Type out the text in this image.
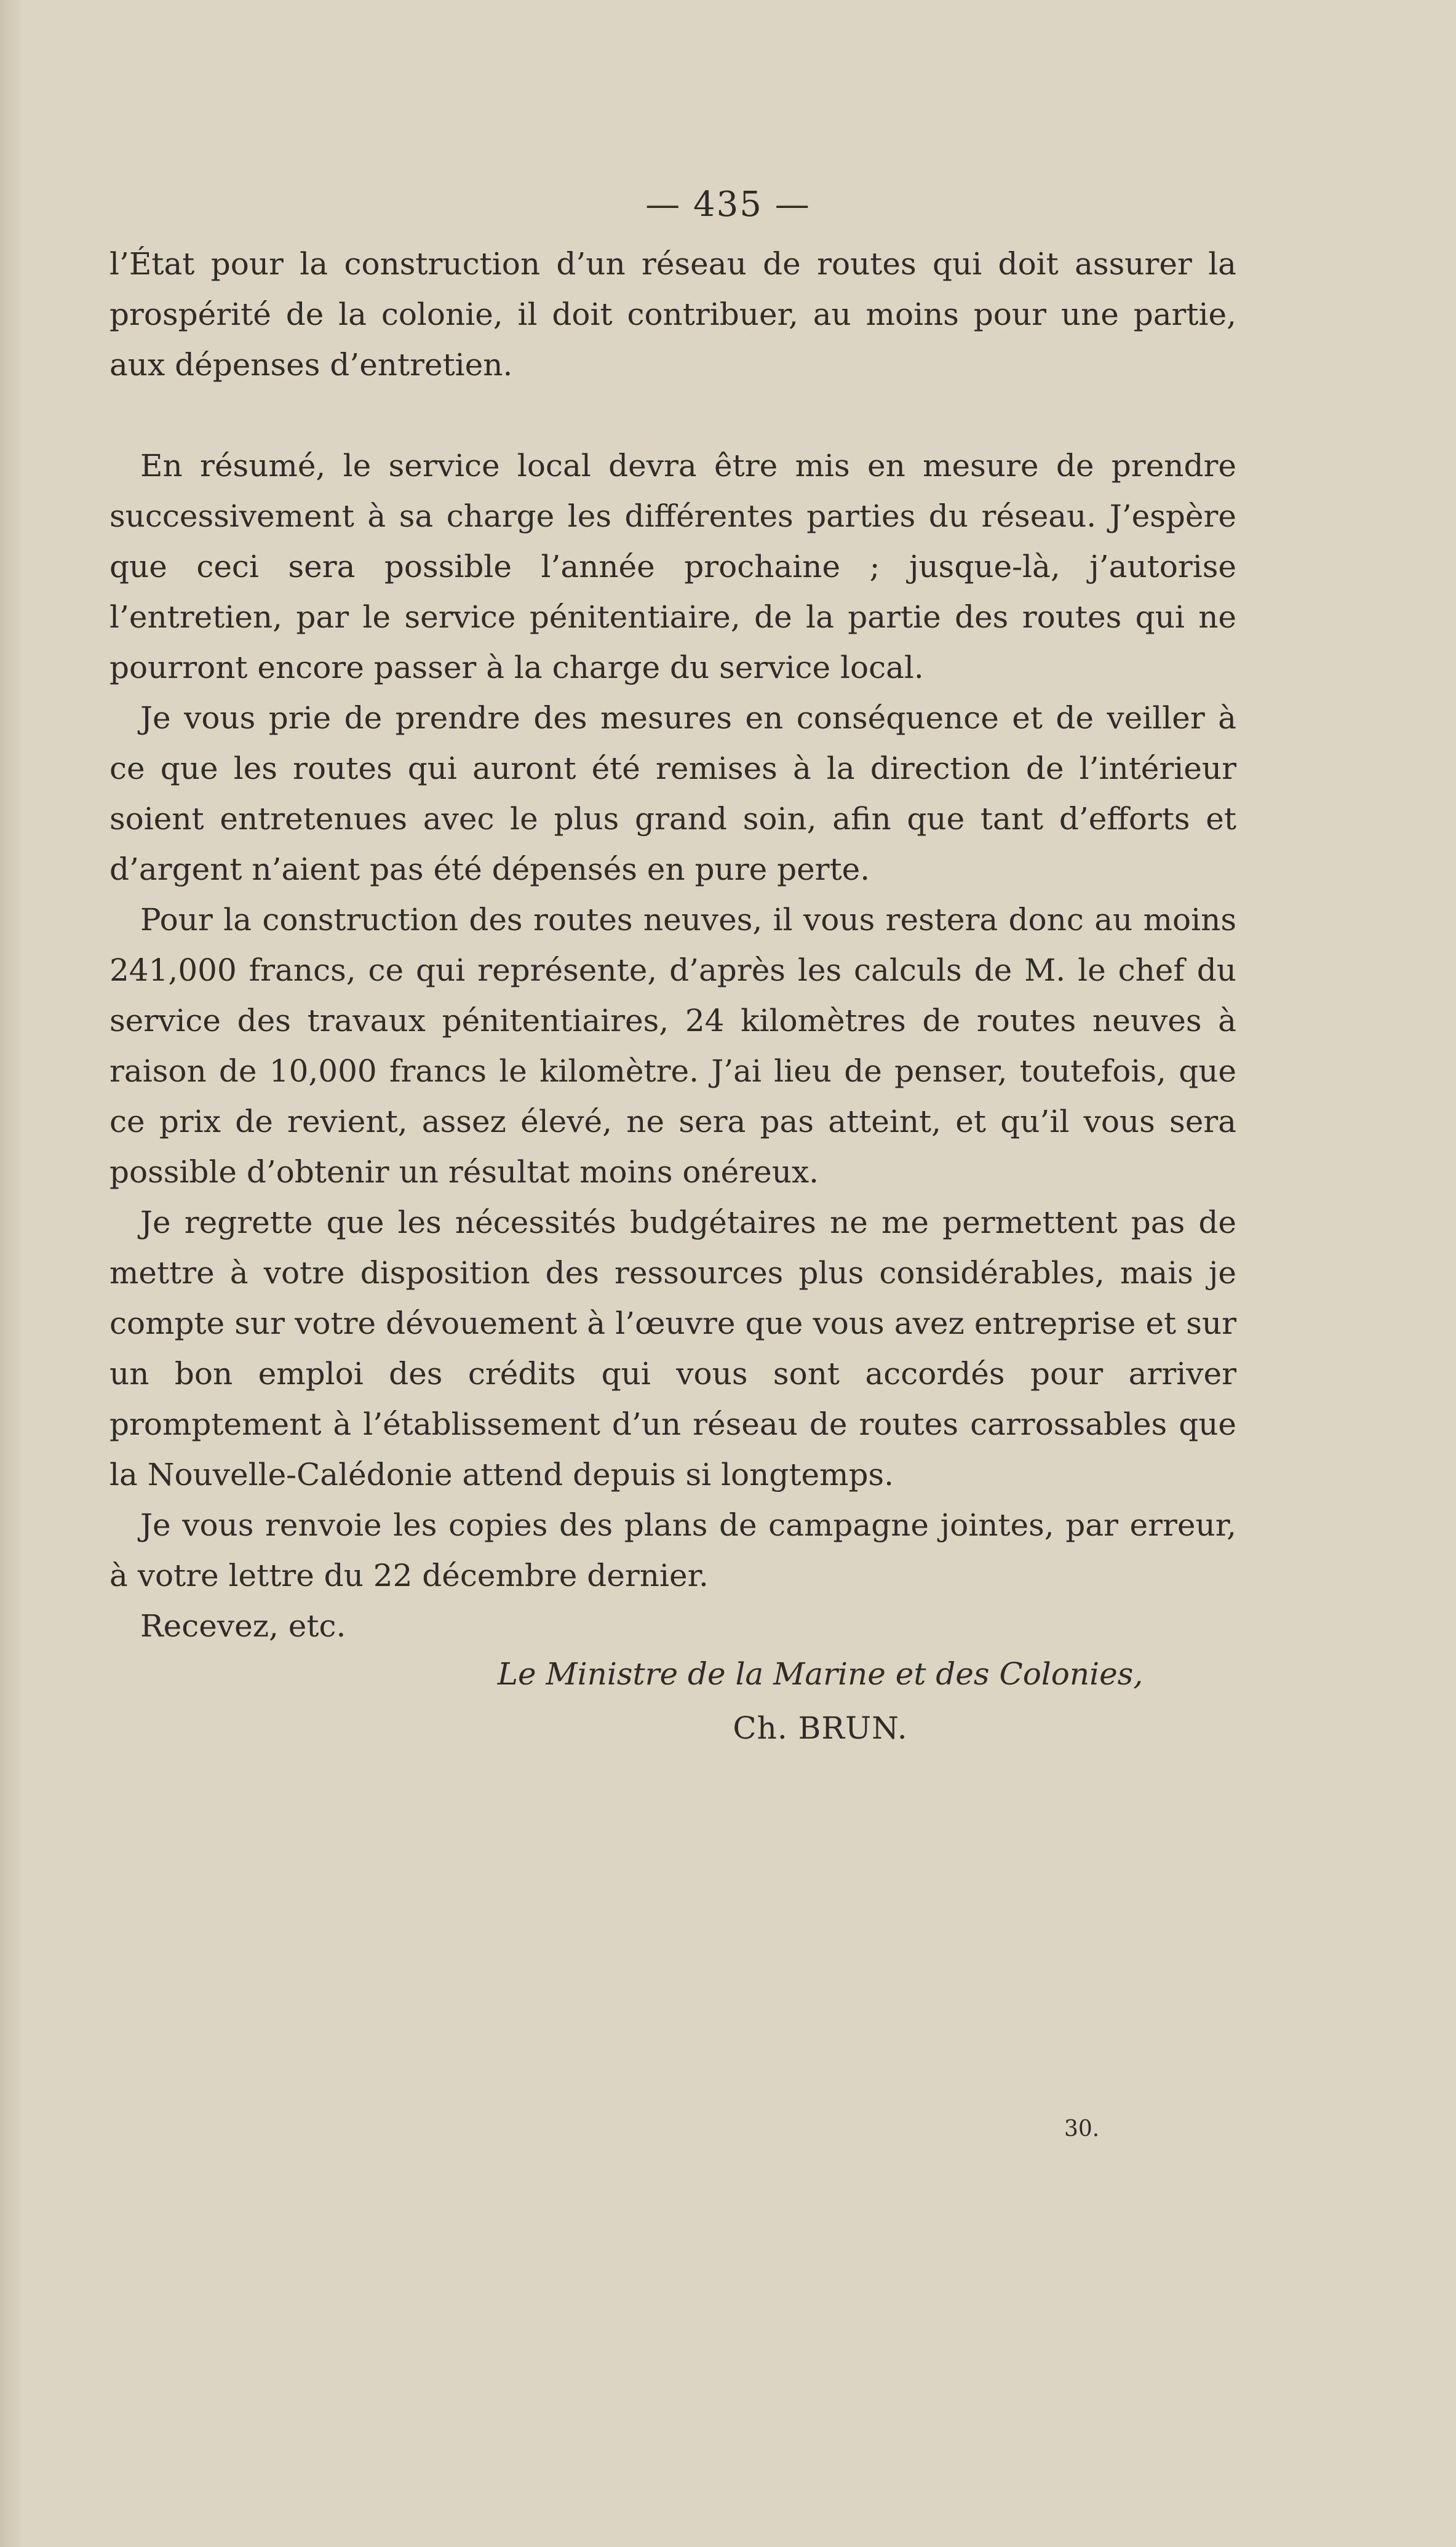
— 435 —

l’État pour la construction d’un réseau de routes qui doit assurer la prospérité de la colonie, il doit contribuer, au moins pour une partie, aux dépenses d’entretien.

En résumé, le service local devra être mis en mesure de prendre successivement à sa charge les différentes parties du réseau. J’espère que ceci sera possible l’année prochaine ; jusque-là, j’autorise l’entretien, par le service pénitentiaire, de la partie des routes qui ne pourront encore passer à la charge du service local.

Je vous prie de prendre des mesures en conséquence et de veiller à ce que les routes qui auront été remises à la direction de l’intérieur soient entretenues avec le plus grand soin, afin que tant d’efforts et d’argent n’aient pas été dépensés en pure perte.

Pour la construction des routes neuves, il vous restera donc au moins 241,000 francs, ce qui représente, d’après les calculs de M. le chef du service des travaux pénitentiaires, 24 kilomètres de routes neuves à raison de 10,000 francs le kilomètre. J’ai lieu de penser, toutefois, que ce prix de revient, assez élevé, ne sera pas atteint, et qu’il vous sera possible d’obtenir un résultat moins onéreux.

Je regrette que les nécessités budgétaires ne me permettent pas de mettre à votre disposition des ressources plus considérables, mais je compte sur votre dévouement à l’œuvre que vous avez entreprise et sur un bon emploi des crédits qui vous sont accordés pour arriver promptement à l’établissement d’un réseau de routes carrossables que la Nouvelle-Calédonie attend depuis si longtemps.

Je vous renvoie les copies des plans de campagne jointes, par erreur, à votre lettre du 22 décembre dernier.

Recevez, etc.

Le Ministre de la Marine et des Colonies,
Ch. BRUN.
30.
